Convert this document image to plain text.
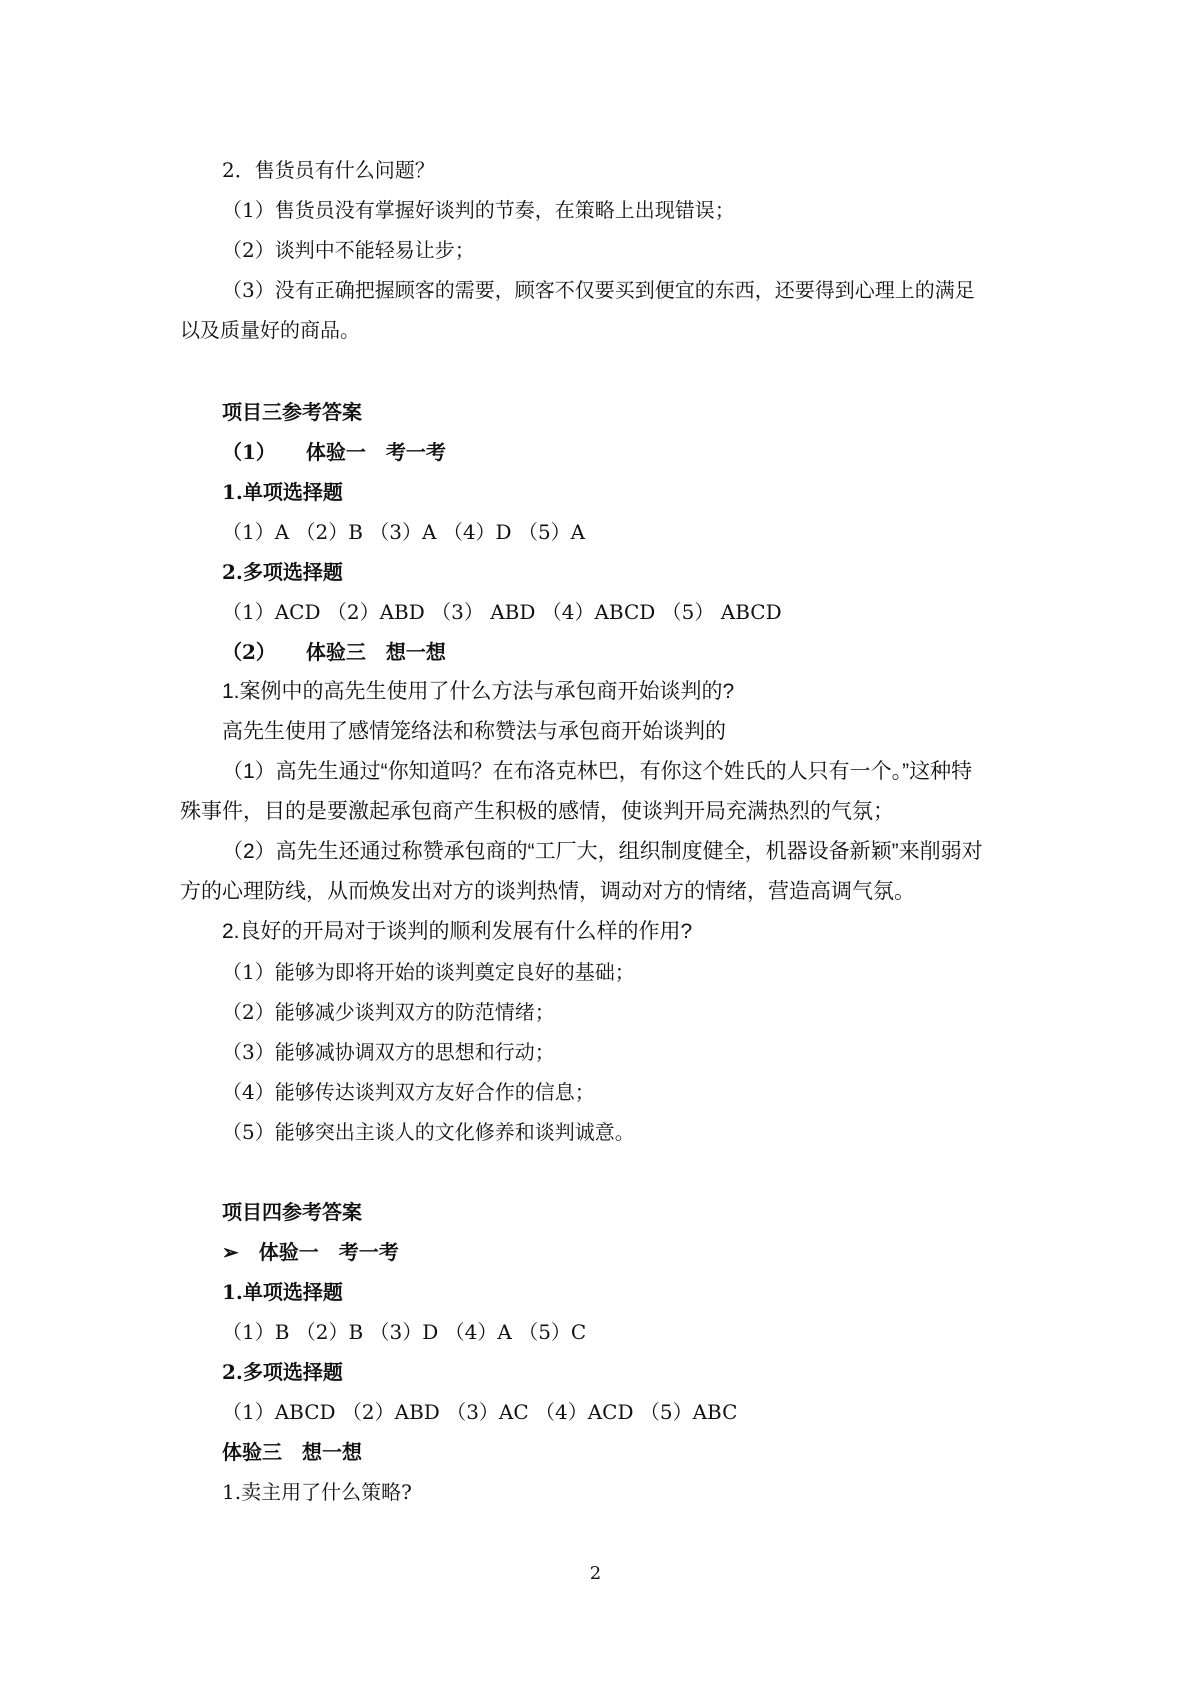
2．售货员有什么问题？
（1）售货员没有掌握好谈判的节奏，在策略上出现错误；
（2）谈判中不能轻易让步；
（3）没有正确把握顾客的需要，顾客不仅要买到便宜的东西，还要得到心理上的满足
以及质量好的商品。
项目三参考答案
（1）　　体验一　考一考
1.单项选择题
（1）A （2）B （3）A （4）D （5）A
2.多项选择题
（1）ACD （2）ABD （3） ABD （4）ABCD （5） ABCD
（2）　　体验三　想一想
1.案例中的高先生使用了什么方法与承包商开始谈判的?
高先生使用了感情笼络法和称赞法与承包商开始谈判的
（1）高先生通过“你知道吗？在布洛克林巴，有你这个姓氏的人只有一个。”这种特
殊事件，目的是要激起承包商产生积极的感情，使谈判开局充满热烈的气氛；
（2）高先生还通过称赞承包商的“工厂大，组织制度健全，机器设备新颖”来削弱对
方的心理防线，从而焕发出对方的谈判热情，调动对方的情绪，营造高调气氛。
2.良好的开局对于谈判的顺利发展有什么样的作用?
（1）能够为即将开始的谈判奠定良好的基础；
（2）能够减少谈判双方的防范情绪；
（3）能够减协调双方的思想和行动；
（4）能够传达谈判双方友好合作的信息；
（5）能够突出主谈人的文化修养和谈判诚意。
项目四参考答案
➢　体验一　考一考
1.单项选择题
（1）B （2）B （3）D （4）A （5）C
2.多项选择题
（1）ABCD （2）ABD （3）AC （4）ACD （5）ABC
体验三　想一想
1.卖主用了什么策略?
2
